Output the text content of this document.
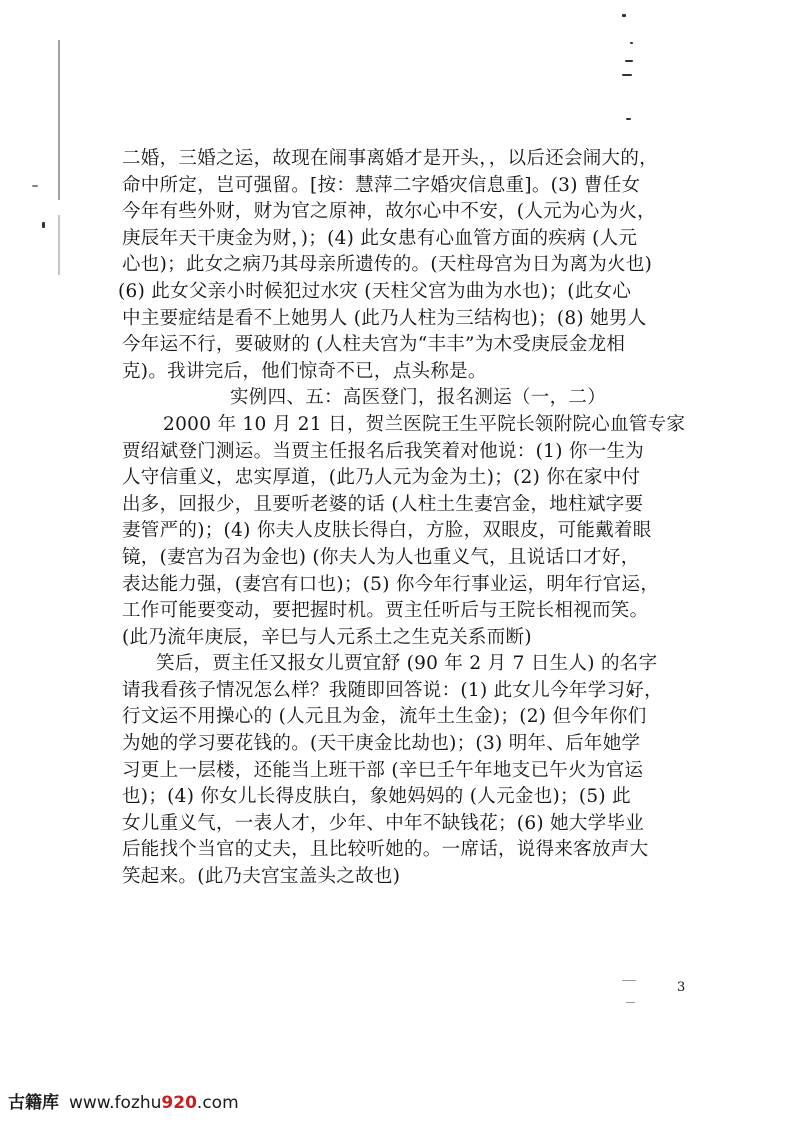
二婚，三婚之运，故现在闹事离婚才是开头，，以后还会闹大的，
命中所定，岂可强留。[按：慧萍二字婚灾信息重]。(3) 曹任女
今年有些外财，财为官之原神，故尔心中不安，(人元为心为火，
庚辰年天干庚金为财，)；(4) 此女患有心血管方面的疾病 (人元
心也)；此女之病乃其母亲所遗传的。(天柱母宫为日为离为火也)
(6) 此女父亲小时候犯过水灾 (天柱父宫为曲为水也)；(此女心
中主要症结是看不上她男人 (此乃人柱为三结构也)；(8) 她男人
今年运不行，要破财的 (人柱夫宫为“丰丰”为木受庚辰金龙相
克)。我讲完后，他们惊奇不已，点头称是。
实例四、五：高医登门，报名测运（一，二）
2000 年 10 月 21 日，贺兰医院王生平院长领附院心血管专家
贾绍斌登门测运。当贾主任报名后我笑着对他说：(1) 你一生为
人守信重义，忠实厚道，(此乃人元为金为土)；(2) 你在家中付
出多，回报少，且要听老婆的话 (人柱土生妻宫金，地柱斌字要
妻管严的)；(4) 你夫人皮肤长得白，方脸，双眼皮，可能戴着眼
镜，(妻宫为召为金也) (你夫人为人也重义气，且说话口才好，
表达能力强，(妻宫有口也)；(5) 你今年行事业运，明年行官运，
工作可能要变动，要把握时机。贾主任听后与王院长相视而笑。
(此乃流年庚辰，辛巳与人元系土之生克关系而断)
笑后，贾主任又报女儿贾宜舒 (90 年 2 月 7 日生人) 的名字
请我看孩子情况怎么样？我随即回答说：(1) 此女儿今年学习好，
行文运不用操心的 (人元且为金，流年土生金)；(2) 但今年你们
为她的学习要花钱的。(天干庚金比劫也)；(3) 明年、后年她学
习更上一层楼，还能当上班干部 (辛巳壬午年地支已午火为官运
也)；(4) 你女儿长得皮肤白，象她妈妈的 (人元金也)；(5) 此
女儿重义气，一表人才，少年、中年不缺钱花；(6) 她大学毕业
后能找个当官的丈夫，且比较听她的。一席话，说得来客放声大
笑起来。(此乃夫宫宝盖头之故也)
3
古籍库 www.fozhu920.com
